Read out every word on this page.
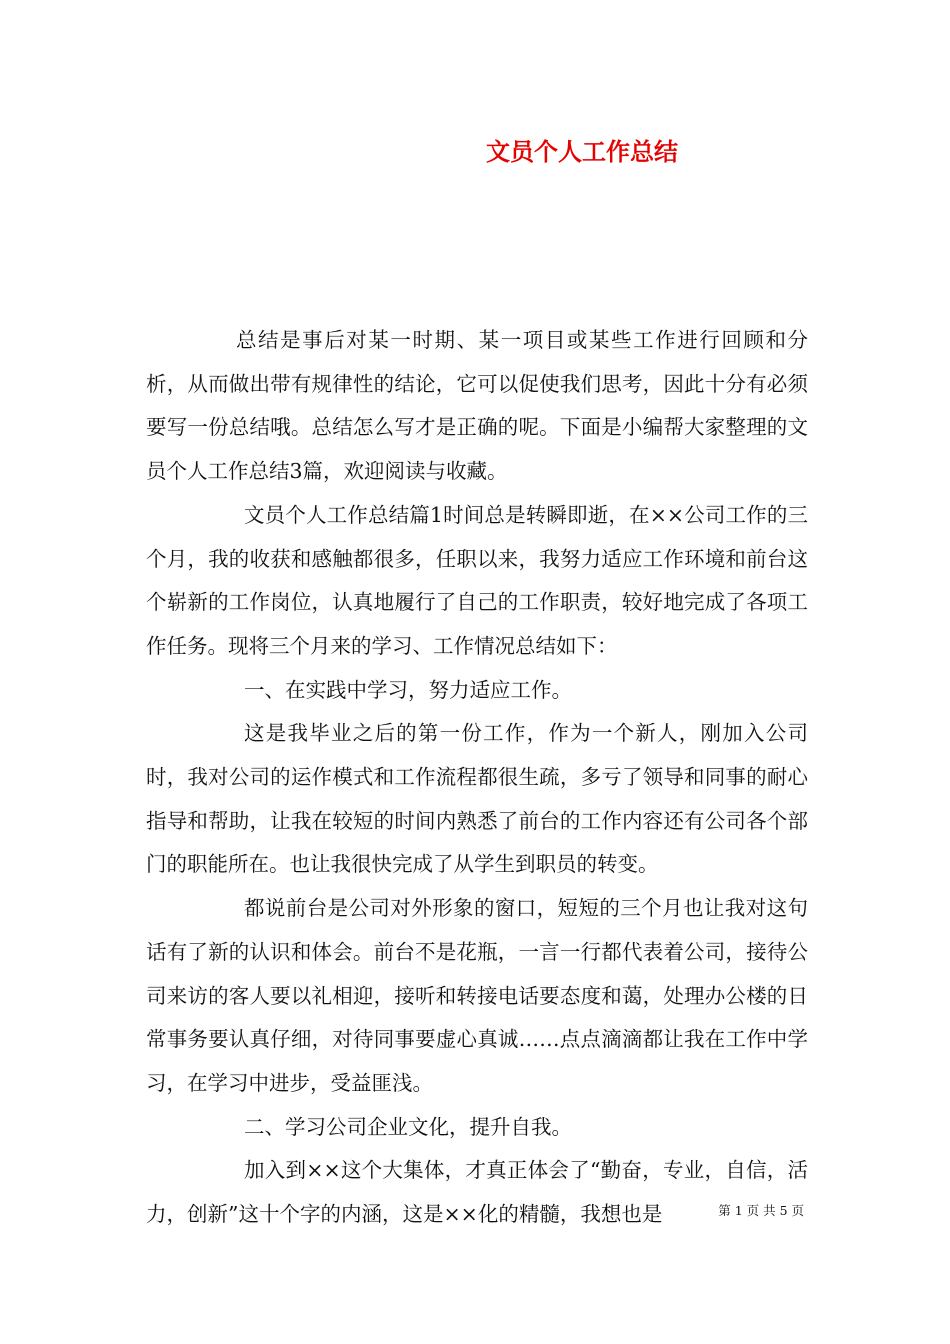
文员个人工作总结

总结是事后对某一时期、某一项目或某些工作进行回顾和分析，从而做出带有规律性的结论，它可以促使我们思考，因此十分有必须要写一份总结哦。总结怎么写才是正确的呢。下面是小编帮大家整理的文员个人工作总结3篇，欢迎阅读与收藏。

文员个人工作总结篇1时间总是转瞬即逝，在××公司工作的三个月，我的收获和感触都很多，任职以来，我努力适应工作环境和前台这个崭新的工作岗位，认真地履行了自己的工作职责，较好地完成了各项工作任务。现将三个月来的学习、工作情况总结如下：

一、在实践中学习，努力适应工作。

这是我毕业之后的第一份工作，作为一个新人，刚加入公司时，我对公司的运作模式和工作流程都很生疏，多亏了领导和同事的耐心指导和帮助，让我在较短的时间内熟悉了前台的工作内容还有公司各个部门的职能所在。也让我很快完成了从学生到职员的转变。

都说前台是公司对外形象的窗口，短短的三个月也让我对这句话有了新的认识和体会。前台不是花瓶，一言一行都代表着公司，接待公司来访的客人要以礼相迎，接听和转接电话要态度和蔼，处理办公楼的日常事务要认真仔细，对待同事要虚心真诚……点点滴滴都让我在工作中学习，在学习中进步，受益匪浅。

二、学习公司企业文化，提升自我。

加入到××这个大集体，才真正体会了“勤奋，专业，自信，活力，创新”这十个字的内涵，这是××化的精髓，我想也是	第 1 页 共 5 页
